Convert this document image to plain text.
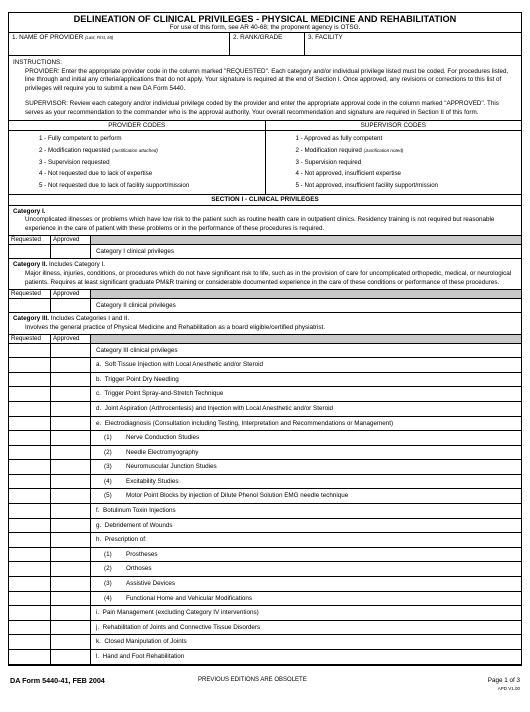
DELINEATION OF CLINICAL PRIVILEGES - PHYSICAL MEDICINE AND REHABILITATION
For use of this form, see AR 40-68; the proponent agency is OTSG.
1. NAME OF PROVIDER (Last, First, MI)	2. RANK/GRADE	3. FACILITY

INSTRUCTIONS:

PROVIDER: Enter the appropriate provider code in the column marked "REQUESTED". Each category and/or individual privilege listed must be coded. For procedures listed, line through and initial any criteria/applications that do not apply. Your signature is required at the end of Section I. Once approved, any revisions or corrections to this list of privileges will require you to submit a new DA Form 5440.

SUPERVISOR: Review each category and/or individual privilege coded by the provider and enter the appropriate approval code in the column marked "APPROVED". This serves as your recommendation to the commander who is the approval authority. Your overall recommendation and signature are required in Section II of this form.

PROVIDER CODES	SUPERVISOR CODES
1 - Fully competent to perform
2 - Modification requested (Justification attached)
3 - Supervision requested
4 - Not requested due to lack of expertise
5 - Not requested due to lack of facility support/mission
1 - Approved as fully competent
2 - Modification required (Justification noted)
3 - Supervision required
4 - Not approved, insufficient expertise
5 - Not approved, insufficient facility support/mission
SECTION I - CLINICAL PRIVILEGES

Category I.

Uncomplicated illnesses or problems which have low risk to the patient such as routine health care in outpatient clinics. Residency training is not required but reasonable experience in the care of patient with these problems or in the performance of these procedures is required.

Requested	Approved
Category I clinical privileges

Category II. Includes Category I.

Major illness, injuries, conditions, or procedures which do not have significant risk to life, such as in the provision of care for uncomplicated orthopedic, medical, or neurological patients. Requires at least significant graduate PM&R training or considerable documented experience in the care of these conditions or performance of these procedures.

Requested	Approved
Category II clinical privileges

Category III. Includes Categories I and II.

Involves the general practice of Physical Medicine and Rehabilitation as a board eligible/certified physiatrist.

Requested	Approved
Category III clinical privileges
a. Soft Tissue Injection with Local Anesthetic and/or Steroid
b. Trigger Point Dry Needling
c. Trigger Point Spray-and-Stretch Technique
d. Joint Aspiration (Arthrocentesis) and Injection with Local Anesthetic and/or Steroid
e. Electrodiagnosis (Consultation including Testing, Interpretation and Recommendations or Management)
(1) Nerve Conduction Studies
(2) Needle Electromyography
(3) Neuromuscular Junction Studies
(4) Excitability Studies
(5) Motor Point Blocks by injection of Dilute Phenol Solution EMG needle technique
f. Botulinum Toxin Injections
g. Debridement of Wounds
h. Prescription of:
(1) Prostheses
(2) Orthoses
(3) Assistive Devices
(4) Functional Home and Vehicular Modifications
i. Pain Management (excluding Category IV interventions)
j. Rehabilitation of Joints and Connective Tissue Disorders
k. Closed Manipulation of Joints
l. Hand and Foot Rehabilitation
DA Form 5440-41, FEB 2004	PREVIOUS EDITIONS ARE OBSOLETE	Page 1 of 3
APD V1.00
